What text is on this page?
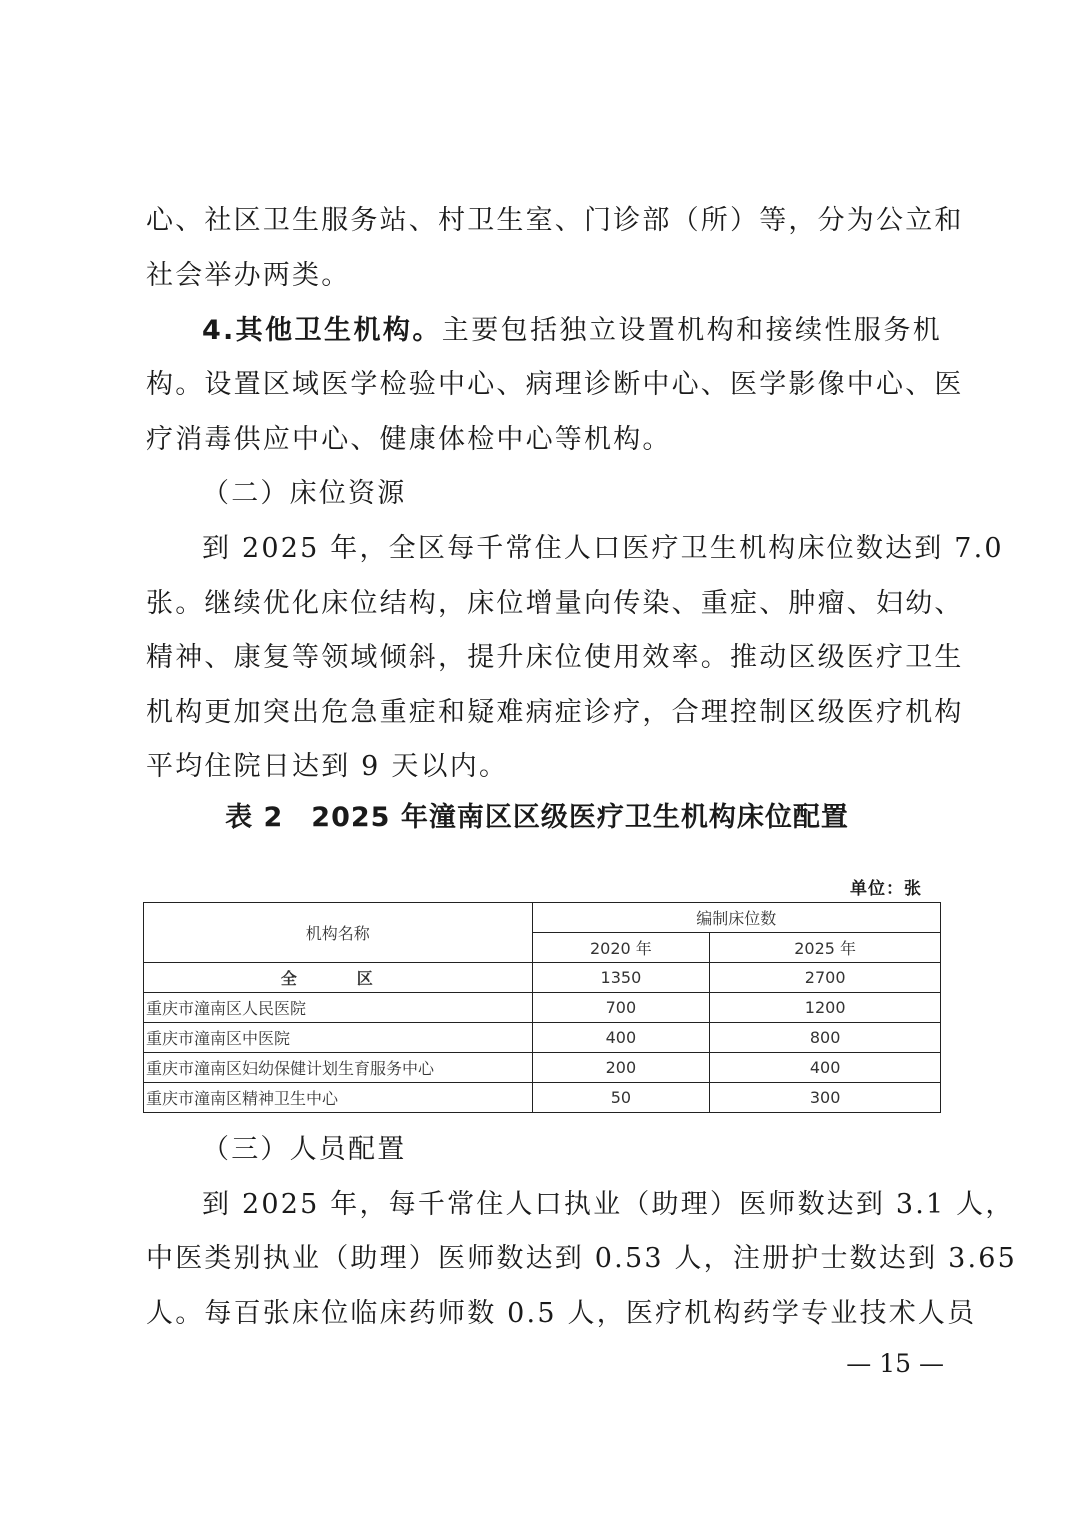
心、社区卫生服务站、村卫生室、门诊部（所）等，分为公立和
社会举办两类。
4.其他卫生机构。主要包括独立设置机构和接续性服务机
构。设置区域医学检验中心、病理诊断中心、医学影像中心、医
疗消毒供应中心、健康体检中心等机构。
（二）床位资源
到 2025 年，全区每千常住人口医疗卫生机构床位数达到 7.0
张。继续优化床位结构，床位增量向传染、重症、肿瘤、妇幼、
精神、康复等领域倾斜，提升床位使用效率。推动区级医疗卫生
机构更加突出危急重症和疑难病症诊疗，合理控制区级医疗机构
平均住院日达到 9 天以内。
表 2　2025 年潼南区区级医疗卫生机构床位配置
单位：张
机构名称	编制床位数	
	2020 年	2025 年
全　区	1350	2700
重庆市潼南区人民医院	700	1200
重庆市潼南区中医院	400	800
重庆市潼南区妇幼保健计划生育服务中心	200	400
重庆市潼南区精神卫生中心	50	300
（三）人员配置
到 2025 年，每千常住人口执业（助理）医师数达到 3.1 人，
中医类别执业（助理）医师数达到 0.53 人，注册护士数达到 3.65
人。每百张床位临床药师数 0.5 人，医疗机构药学专业技术人员
— 15 —
